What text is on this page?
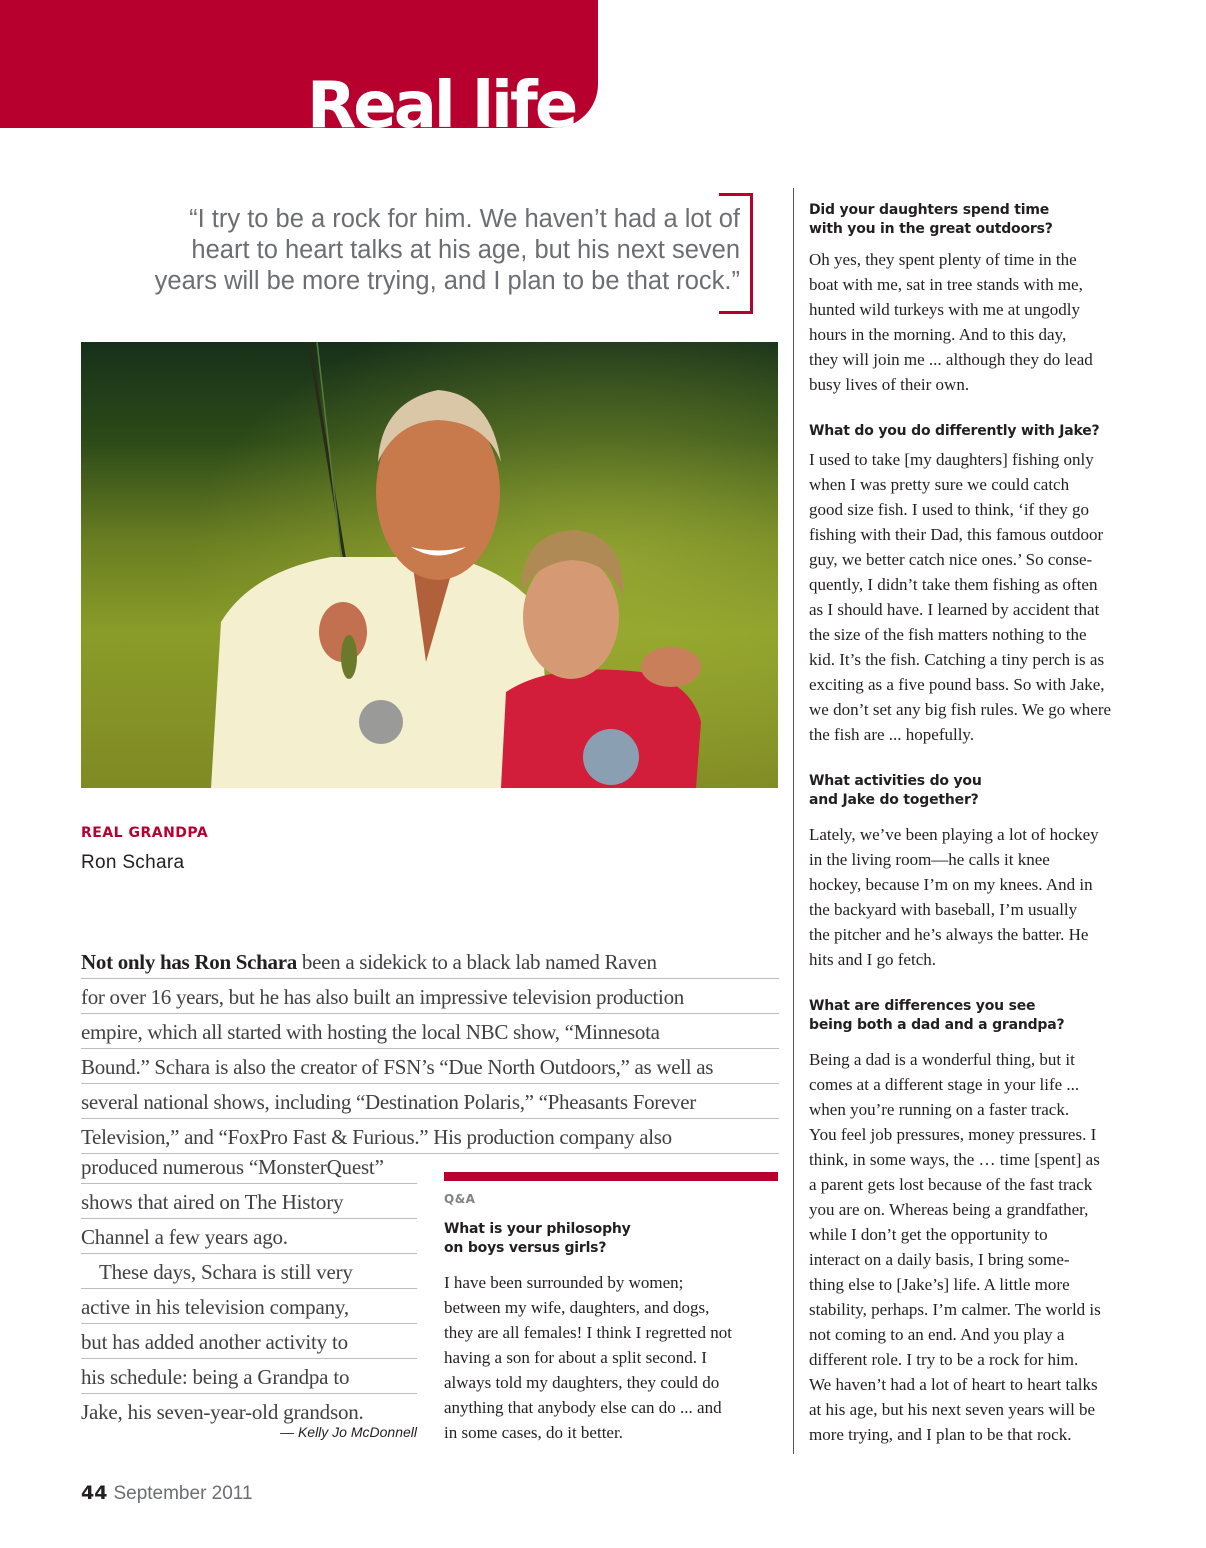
Real life
“I try to be a rock for him. We haven’t had a lot of
heart to heart talks at his age, but his next seven
years will be more trying, and I plan to be that rock.”
REAL GRANDPA
Ron Schara
Not only has Ron Schara been a sidekick to a black lab named Raven
for over 16 years, but he has also built an impressive television production
empire, which all started with hosting the local NBC show, “Minnesota
Bound.” Schara is also the creator of FSN’s “Due North Outdoors,” as well as
several national shows, including “Destination Polaris,” “Pheasants Forever
Television,” and “FoxPro Fast & Furious.” His production company also
produced numerous “MonsterQuest”
shows that aired on The History
Channel a few years ago.
These days, Schara is still very
active in his television company,
but has added another activity to
his schedule: being a Grandpa to
Jake, his seven-year-old grandson.
— Kelly Jo McDonnell
Q&A
What is your philosophy
on boys versus girls?
I have been surrounded by women;
between my wife, daughters, and dogs,
they are all females! I think I regretted not
having a son for about a split second. I
always told my daughters, they could do
anything that anybody else can do ... and
in some cases, do it better.
Did your daughters spend time
with you in the great outdoors?
Oh yes, they spent plenty of time in the
boat with me, sat in tree stands with me,
hunted wild turkeys with me at ungodly
hours in the morning. And to this day,
they will join me ... although they do lead
busy lives of their own.
What do you do differently with Jake?
I used to take [my daughters] fishing only
when I was pretty sure we could catch
good size fish. I used to think, ‘if they go
fishing with their Dad, this famous outdoor
guy, we better catch nice ones.’ So conse-
quently, I didn’t take them fishing as often
as I should have. I learned by accident that
the size of the fish matters nothing to the
kid. It’s the fish. Catching a tiny perch is as
exciting as a five pound bass. So with Jake,
we don’t set any big fish rules. We go where
the fish are ... hopefully.
What activities do you
and Jake do together?
Lately, we’ve been playing a lot of hockey
in the living room—he calls it knee
hockey, because I’m on my knees. And in
the backyard with baseball, I’m usually
the pitcher and he’s always the batter. He
hits and I go fetch.
What are differences you see
being both a dad and a grandpa?
Being a dad is a wonderful thing, but it
comes at a different stage in your life ...
when you’re running on a faster track.
You feel job pressures, money pressures. I
think, in some ways, the … time [spent] as
a parent gets lost because of the fast track
you are on. Whereas being a grandfather,
while I don’t get the opportunity to
interact on a daily basis, I bring some-
thing else to [Jake’s] life. A little more
stability, perhaps. I’m calmer. The world is
not coming to an end. And you play a
different role. I try to be a rock for him.
We haven’t had a lot of heart to heart talks
at his age, but his next seven years will be
more trying, and I plan to be that rock.
44 September 2011
